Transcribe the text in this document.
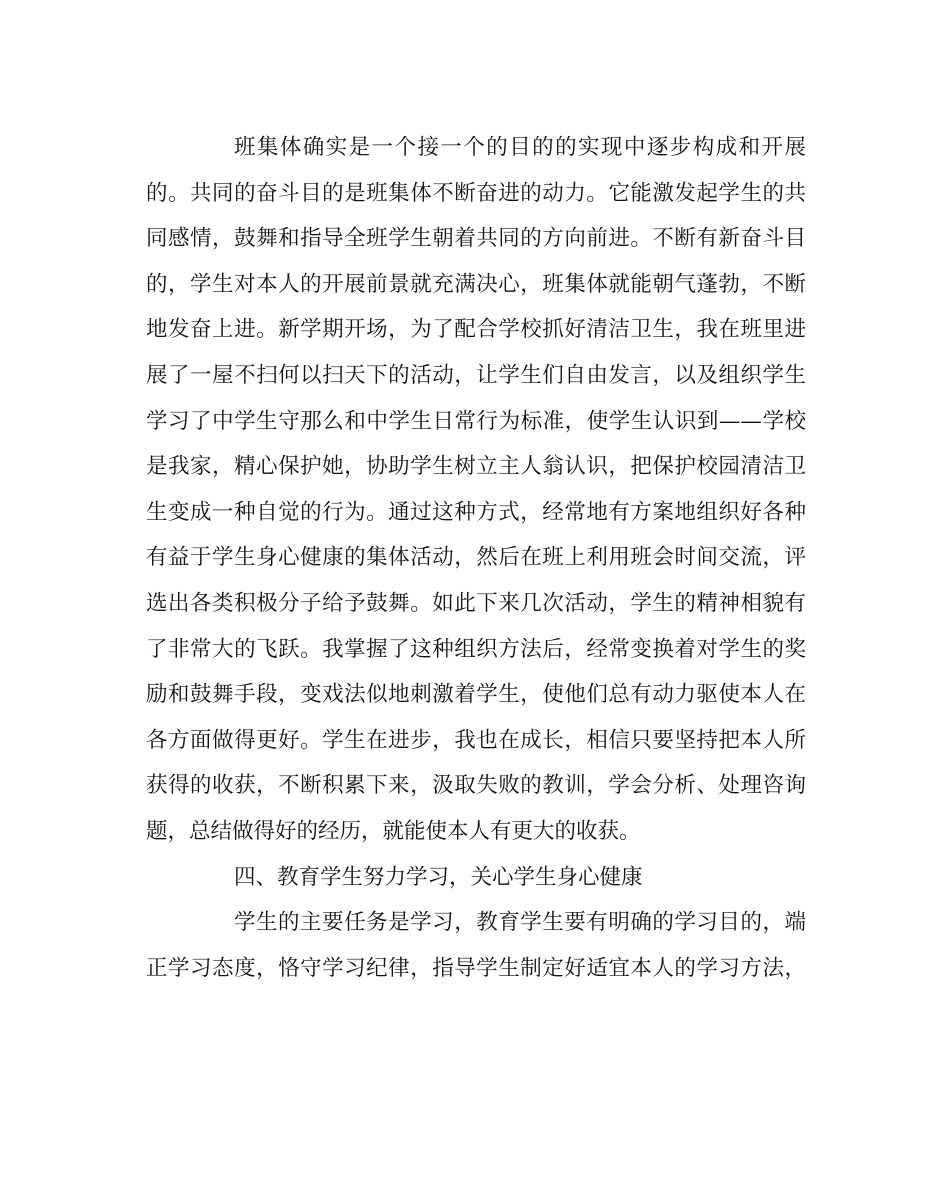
班集体确实是一个接一个的目的的实现中逐步构成和开展
的。共同的奋斗目的是班集体不断奋进的动力。它能激发起学生的共
同感情，鼓舞和指导全班学生朝着共同的方向前进。不断有新奋斗目
的，学生对本人的开展前景就充满决心，班集体就能朝气蓬勃，不断
地发奋上进。新学期开场，为了配合学校抓好清洁卫生，我在班里进
展了一屋不扫何以扫天下的活动，让学生们自由发言，以及组织学生
学习了中学生守那么和中学生日常行为标准，使学生认识到——学校
是我家，精心保护她，协助学生树立主人翁认识，把保护校园清洁卫
生变成一种自觉的行为。通过这种方式，经常地有方案地组织好各种
有益于学生身心健康的集体活动，然后在班上利用班会时间交流，评
选出各类积极分子给予鼓舞。如此下来几次活动，学生的精神相貌有
了非常大的飞跃。我掌握了这种组织方法后，经常变换着对学生的奖
励和鼓舞手段，变戏法似地刺激着学生，使他们总有动力驱使本人在
各方面做得更好。学生在进步，我也在成长，相信只要坚持把本人所
获得的收获，不断积累下来，汲取失败的教训，学会分析、处理咨询
题，总结做得好的经历，就能使本人有更大的收获。
四、教育学生努力学习，关心学生身心健康
学生的主要任务是学习，教育学生要有明确的学习目的，端
正学习态度，恪守学习纪律，指导学生制定好适宜本人的学习方法，
